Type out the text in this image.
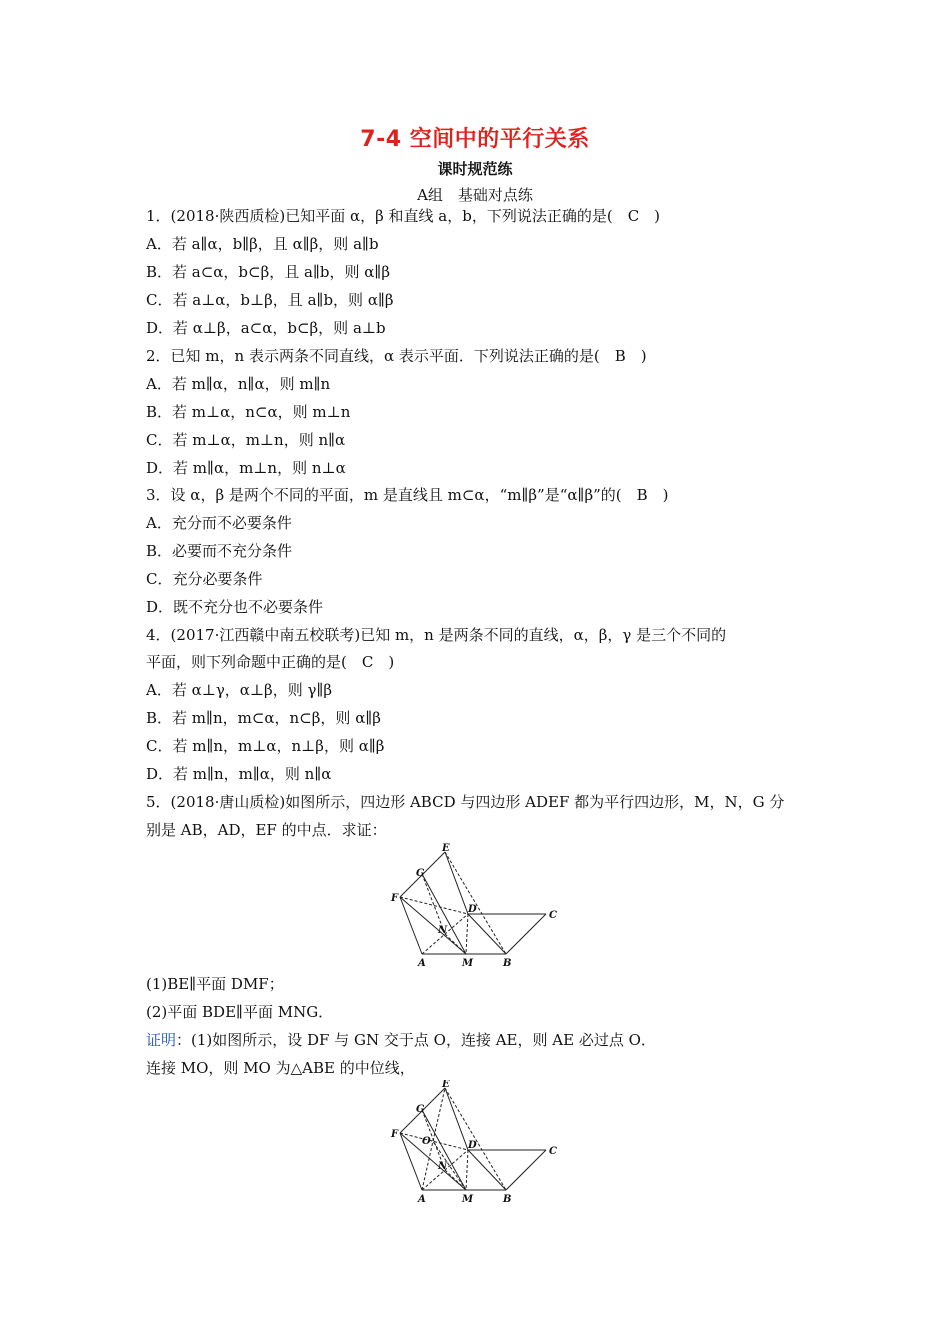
7-4 空间中的平行关系
课时规范练
A组　基础对点练
1．(2018·陕西质检)已知平面 α，β 和直线 a，b，下列说法正确的是(　C　)
A．若 a∥α，b∥β，且 α∥β，则 a∥b
B．若 a⊂α，b⊂β，且 a∥b，则 α∥β
C．若 a⊥α，b⊥β，且 a∥b，则 α∥β
D．若 α⊥β，a⊂α，b⊂β，则 a⊥b
2．已知 m，n 表示两条不同直线，α 表示平面．下列说法正确的是(　B　)
A．若 m∥α，n∥α，则 m∥n
B．若 m⊥α，n⊂α，则 m⊥n
C．若 m⊥α，m⊥n，则 n∥α
D．若 m∥α，m⊥n，则 n⊥α
3．设 α，β 是两个不同的平面，m 是直线且 m⊂α，“m∥β”是“α∥β”的(　B　)
A．充分而不必要条件
B．必要而不充分条件
C．充分必要条件
D．既不充分也不必要条件
4．(2017·江西赣中南五校联考)已知 m，n 是两条不同的直线，α，β，γ 是三个不同的
平面，则下列命题中正确的是(　C　)
A．若 α⊥γ，α⊥β，则 γ∥β
B．若 m∥n，m⊂α，n⊂β，则 α∥β
C．若 m∥n，m⊥α，n⊥β，则 α∥β
D．若 m∥n，m∥α，则 n∥α
5．(2018·唐山质检)如图所示，四边形 ABCD 与四边形 ADEF 都为平行四边形，M，N，G 分
别是 AB，AD，EF 的中点．求证：
A	M	B
C
D
E
G
F
N
(1)BE∥平面 DMF；
(2)平面 BDE∥平面 MNG．
证明：(1)如图所示，设 DF 与 GN 交于点 O，连接 AE，则 AE 必过点 O．
连接 MO，则 MO 为△ABE 的中位线，
A	M	B
C
D
E
G
F
O
N
